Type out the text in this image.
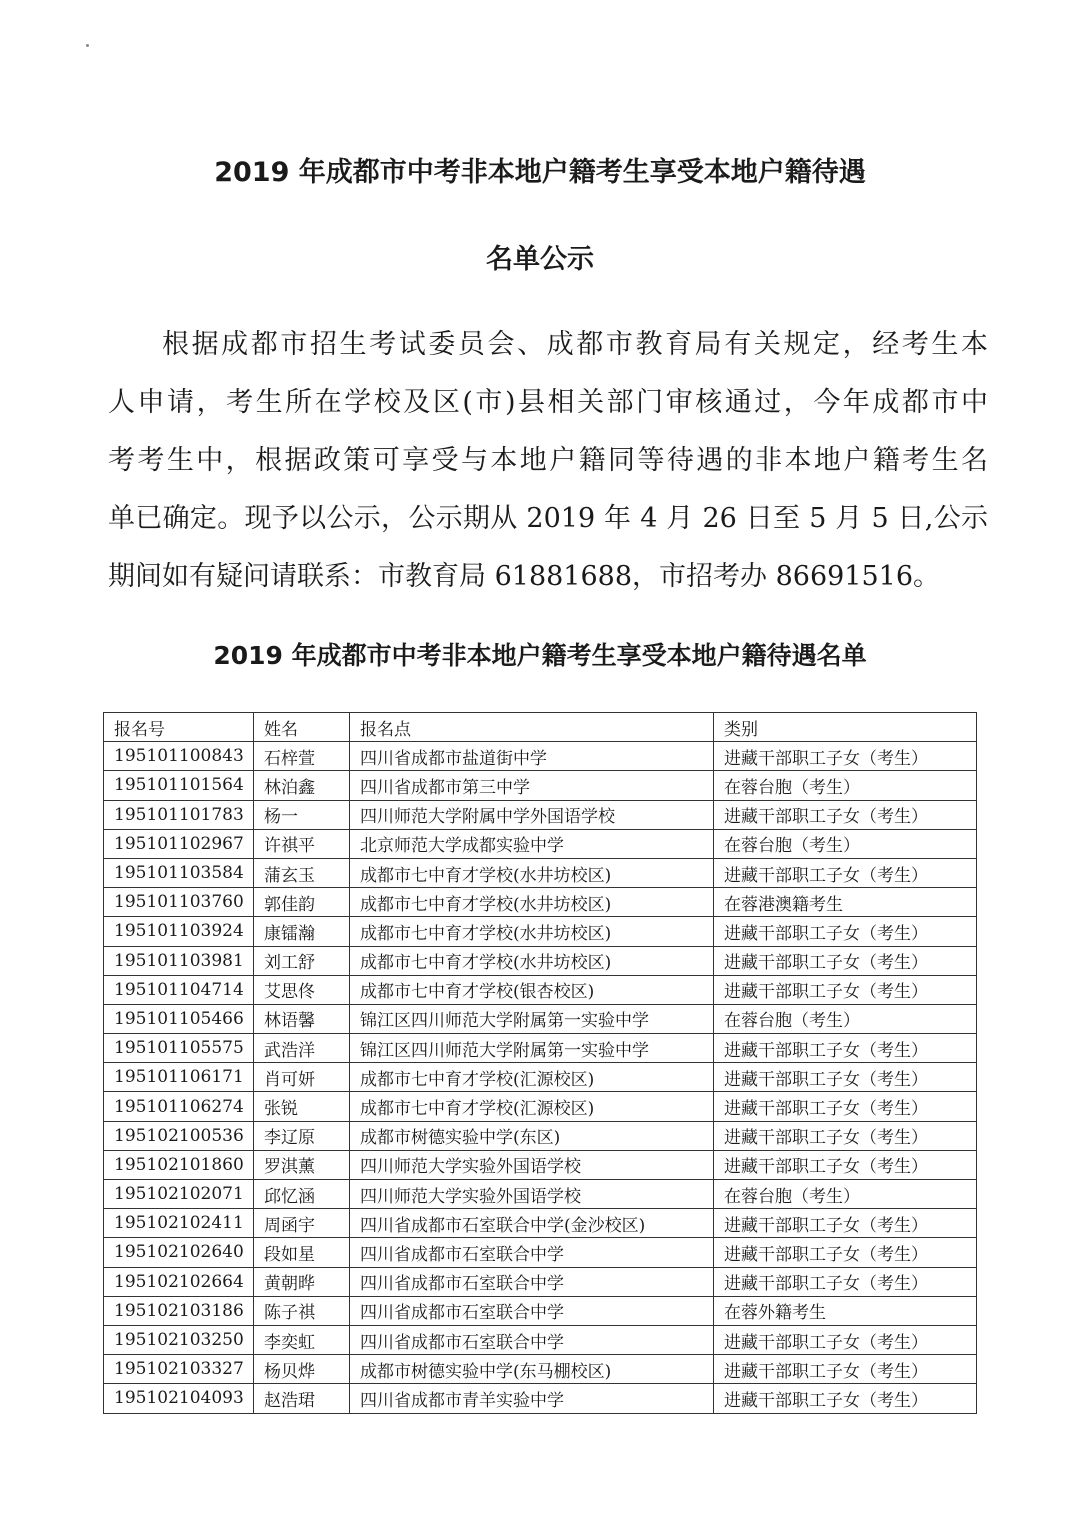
2019 年成都市中考非本地户籍考生享受本地户籍待遇
名单公示
根据成都市招生考试委员会、成都市教育局有关规定，经考生本
人申请，考生所在学校及区(市)县相关部门审核通过，今年成都市中
考考生中，根据政策可享受与本地户籍同等待遇的非本地户籍考生名
单已确定。现予以公示，公示期从 2019 年 4 月 26 日至 5 月 5 日,公示
期间如有疑问请联系：市教育局 61881688，市招考办 86691516。
2019 年成都市中考非本地户籍考生享受本地户籍待遇名单
报名号	姓名	报名点	类别
195101100843	石梓萱	四川省成都市盐道街中学	进藏干部职工子女（考生）
195101101564	林泊鑫	四川省成都市第三中学	在蓉台胞（考生）
195101101783	杨一	四川师范大学附属中学外国语学校	进藏干部职工子女（考生）
195101102967	许祺平	北京师范大学成都实验中学	在蓉台胞（考生）
195101103584	蒲玄玉	成都市七中育才学校(水井坊校区)	进藏干部职工子女（考生）
195101103760	郭佳韵	成都市七中育才学校(水井坊校区)	在蓉港澳籍考生
195101103924	康镭瀚	成都市七中育才学校(水井坊校区)	进藏干部职工子女（考生）
195101103981	刘工舒	成都市七中育才学校(水井坊校区)	进藏干部职工子女（考生）
195101104714	艾思佟	成都市七中育才学校(银杏校区)	进藏干部职工子女（考生）
195101105466	林语馨	锦江区四川师范大学附属第一实验中学	在蓉台胞（考生）
195101105575	武浩洋	锦江区四川师范大学附属第一实验中学	进藏干部职工子女（考生）
195101106171	肖可妍	成都市七中育才学校(汇源校区)	进藏干部职工子女（考生）
195101106274	张锐	成都市七中育才学校(汇源校区)	进藏干部职工子女（考生）
195102100536	李辽原	成都市树德实验中学(东区)	进藏干部职工子女（考生）
195102101860	罗淇薰	四川师范大学实验外国语学校	进藏干部职工子女（考生）
195102102071	邱忆涵	四川师范大学实验外国语学校	在蓉台胞（考生）
195102102411	周函宇	四川省成都市石室联合中学(金沙校区)	进藏干部职工子女（考生）
195102102640	段如星	四川省成都市石室联合中学	进藏干部职工子女（考生）
195102102664	黄朝晔	四川省成都市石室联合中学	进藏干部职工子女（考生）
195102103186	陈子祺	四川省成都市石室联合中学	在蓉外籍考生
195102103250	李奕虹	四川省成都市石室联合中学	进藏干部职工子女（考生）
195102103327	杨贝烨	成都市树德实验中学(东马棚校区)	进藏干部职工子女（考生）
195102104093	赵浩珺	四川省成都市青羊实验中学	进藏干部职工子女（考生）
